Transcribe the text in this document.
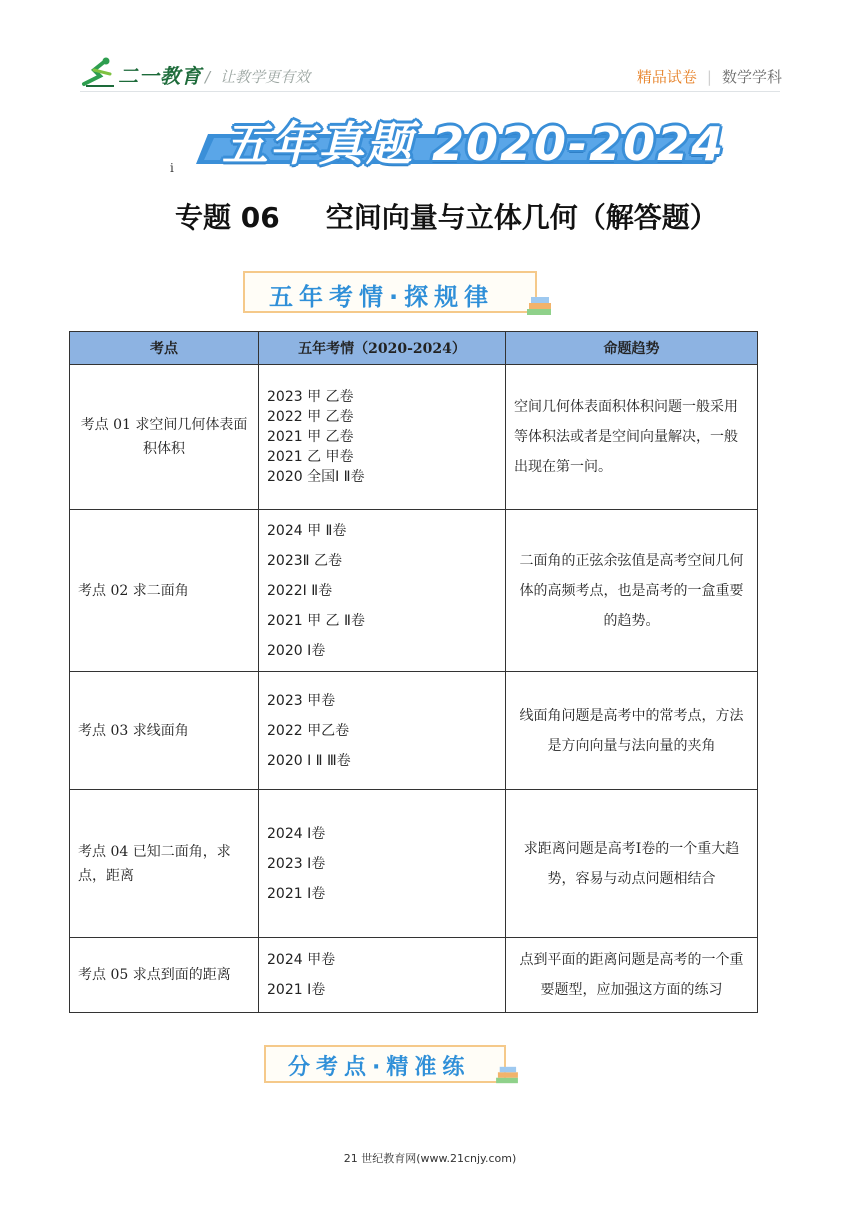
二一教育 / 让教学更有效	精品试卷 | 数学学科
五年真题 2020-2024
i
专题 06 空间向量与立体几何（解答题）
五年考情·探规律
考点	五年考情（2020-2024）	命题趋势
考点 01 求空间几何体表面积体积	2023 甲 乙卷
2022 甲 乙卷
2021 甲 乙卷
2021 乙 甲卷
2020 全国Ⅰ Ⅱ卷	空间几何体表面积体积问题一般采用等体积法或者是空间向量解决，一般出现在第一问。
考点 02 求二面角	2024 甲 Ⅱ卷
2023Ⅱ 乙卷
2022Ⅰ Ⅱ卷
2021 甲 乙 Ⅱ卷
2020 Ⅰ卷	二面角的正弦余弦值是高考空间几何体的高频考点，也是高考的一盒重要的趋势。
考点 03 求线面角	2023 甲卷
2022 甲乙卷
2020 Ⅰ Ⅱ Ⅲ卷	线面角问题是高考中的常考点，方法是方向向量与法向量的夹角
考点 04 已知二面角，求点，距离	2024 Ⅰ卷
2023 Ⅰ卷
2021 Ⅰ卷	求距离问题是高考Ⅰ卷的一个重大趋势，容易与动点问题相结合
考点 05 求点到面的距离	2024 甲卷
2021 Ⅰ卷	点到平面的距离问题是高考的一个重要题型，应加强这方面的练习
分考点·精准练
21 世纪教育网(www.21cnjy.com)
